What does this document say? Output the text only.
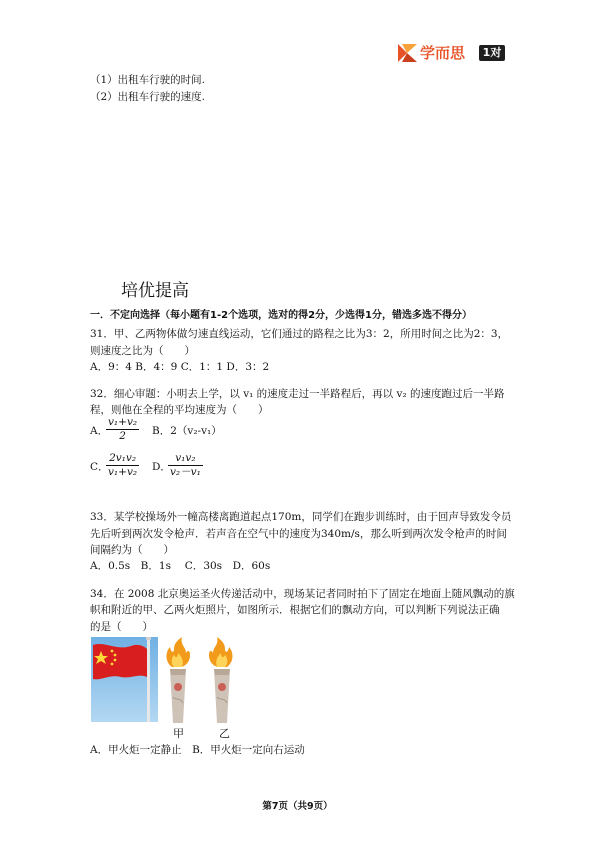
学而思	1对1
（1）出租车行驶的时间.
（2）出租车行驶的速度.
培优提高
一．不定向选择（每小题有1-2个选项，选对的得2分，少选得1分，错选多选不得分）
31．甲、乙两物体做匀速直线运动，它们通过的路程之比为3：2，所用时间之比为2：3，
则速度之比为（　　）
A．9：4 B．4：9 C．1：1 D．3：2
32．细心审题：小明去上学，以 v₁ 的速度走过一半路程后，再以 v₂ 的速度跑过后一半路
程，则他在全程的平均速度为（　　）
A．
$\frac{\text{v₁+v₂}}{2}$ B．2（v₂-v₁）
C．
$\frac{\text{2v₁v₂}}{\text{v₁+v₂}}$ D．
$\frac{\text{v₁v₂}}{\text{v₂－v₁}}$
33．某学校操场外一幢高楼离跑道起点170m，同学们在跑步训练时，由于回声导致发令员
先后听到两次发令枪声．若声音在空气中的速度为340m/s，那么听到两次发令枪声的时间
间隔约为（　　）
A．0.5s　B．1s　 C．30s　D．60s
34．在 2008 北京奥运圣火传递活动中，现场某记者同时拍下了固定在地面上随风飘动的旗
帜和附近的甲、乙两火炬照片，如图所示．根据它们的飘动方向，可以判断下列说法正确
的是（　　）
甲	乙
A．甲火炬一定静止　B．甲火炬一定向右运动
第7页（共9页）
